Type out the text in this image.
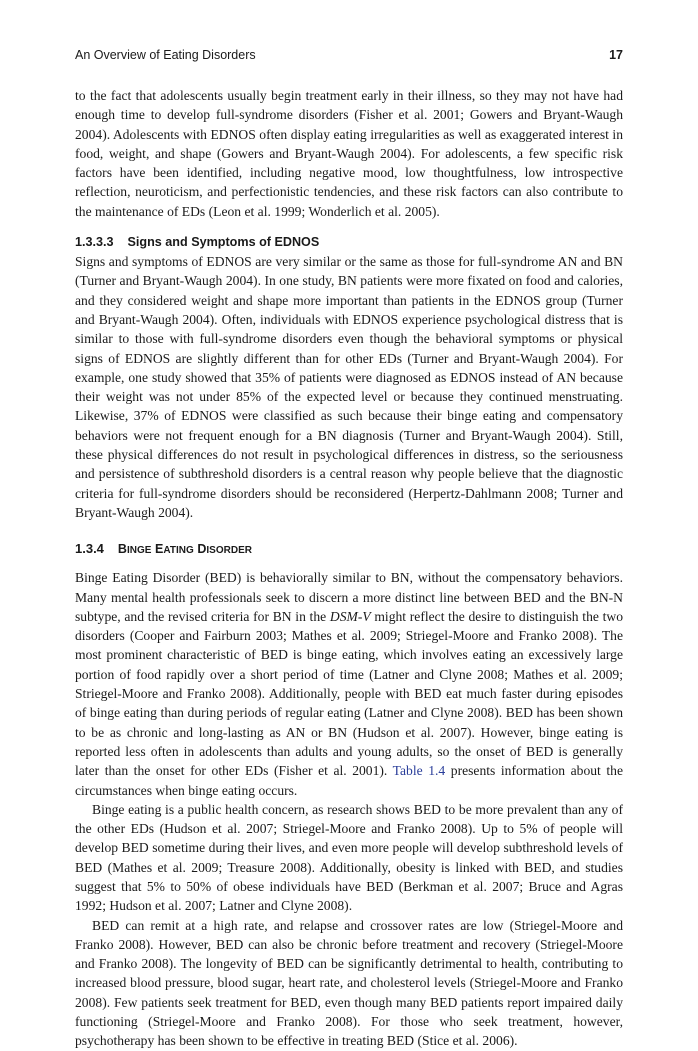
An Overview of Eating Disorders	17

to the fact that adolescents usually begin treatment early in their illness, so they may not have had enough time to develop full-syndrome disorders (Fisher et al. 2001; Gowers and Bryant-Waugh 2004). Adolescents with EDNOS often display eating irregularities as well as exaggerated interest in food, weight, and shape (Gowers and Bryant-Waugh 2004). For adolescents, a few specific risk factors have been identified, including negative mood, low thoughtfulness, low introspective reflection, neuroticism, and perfectionistic tendencies, and these risk factors can also contribute to the maintenance of EDs (Leon et al. 1999; Wonderlich et al. 2005).

1.3.3.3 Signs and Symptoms of EDNOS

Signs and symptoms of EDNOS are very similar or the same as those for full-syndrome AN and BN (Turner and Bryant-Waugh 2004). In one study, BN patients were more fixated on food and calories, and they considered weight and shape more important than patients in the EDNOS group (Turner and Bryant-Waugh 2004). Often, individuals with EDNOS experience psychological distress that is similar to those with full-syndrome disorders even though the behavioral symptoms or physical signs of EDNOS are slightly different than for other EDs (Turner and Bryant-Waugh 2004). For example, one study showed that 35% of patients were diagnosed as EDNOS instead of AN because their weight was not under 85% of the expected level or because they continued menstruating. Likewise, 37% of EDNOS were classified as such because their binge eating and compensatory behaviors were not frequent enough for a BN diagnosis (Turner and Bryant-Waugh 2004). Still, these physical differences do not result in psychological differences in distress, so the seriousness and persistence of subthreshold disorders is a central reason why people believe that the diagnostic criteria for full-syndrome disorders should be reconsidered (Herpertz-Dahlmann 2008; Turner and Bryant-Waugh 2004).

1.3.4 BINGE EATING DISORDER

Binge Eating Disorder (BED) is behaviorally similar to BN, without the compensatory behaviors. Many mental health professionals seek to discern a more distinct line between BED and the BN-N subtype, and the revised criteria for BN in the DSM-V might reflect the desire to distinguish the two disorders (Cooper and Fairburn 2003; Mathes et al. 2009; Striegel-Moore and Franko 2008). The most prominent characteristic of BED is binge eating, which involves eating an excessively large portion of food rapidly over a short period of time (Latner and Clyne 2008; Mathes et al. 2009; Striegel-Moore and Franko 2008). Additionally, people with BED eat much faster during episodes of binge eating than during periods of regular eating (Latner and Clyne 2008). BED has been shown to be as chronic and long-lasting as AN or BN (Hudson et al. 2007). However, binge eating is reported less often in adolescents than adults and young adults, so the onset of BED is generally later than the onset for other EDs (Fisher et al. 2001). Table 1.4 presents information about the circumstances when binge eating occurs.

Binge eating is a public health concern, as research shows BED to be more prevalent than any of the other EDs (Hudson et al. 2007; Striegel-Moore and Franko 2008). Up to 5% of people will develop BED sometime during their lives, and even more people will develop subthreshold levels of BED (Mathes et al. 2009; Treasure 2008). Additionally, obesity is linked with BED, and studies suggest that 5% to 50% of obese individuals have BED (Berkman et al. 2007; Bruce and Agras 1992; Hudson et al. 2007; Latner and Clyne 2008).

BED can remit at a high rate, and relapse and crossover rates are low (Striegel-Moore and Franko 2008). However, BED can also be chronic before treatment and recovery (Striegel-Moore and Franko 2008). The longevity of BED can be significantly detrimental to health, contributing to increased blood pressure, blood sugar, heart rate, and cholesterol levels (Striegel-Moore and Franko 2008). Few patients seek treatment for BED, even though many BED patients report impaired daily functioning (Striegel-Moore and Franko 2008). For those who seek treatment, however, psychotherapy has been shown to be effective in treating BED (Stice et al. 2006).
